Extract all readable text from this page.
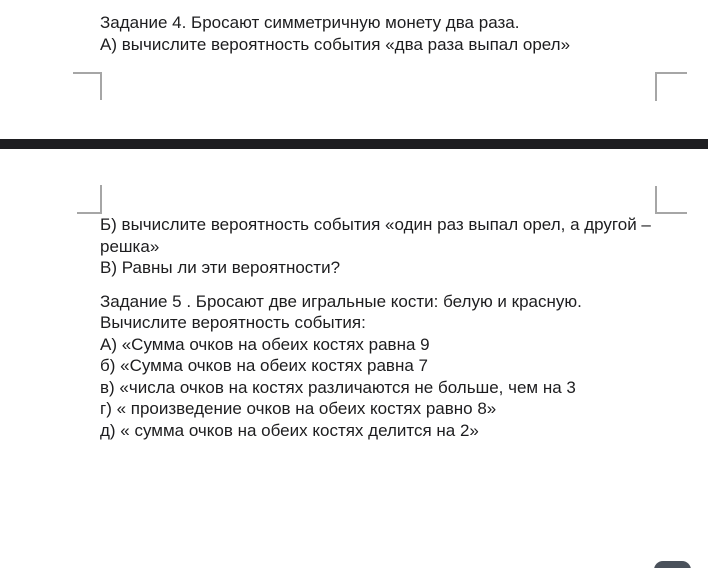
Задание 4. Бросают симметричную монету два раза.
А) вычислите вероятность события «два раза выпал орел»
Б) вычислите вероятность события «один раз выпал орел, а другой –
решка»
В) Равны ли эти вероятности?
Задание 5 . Бросают две игральные кости: белую и красную.
Вычислите вероятность события:
А) «Сумма очков на обеих костях равна 9
б) «Сумма очков на обеих костях равна 7
в) «числа очков на костях различаются не больше, чем на 3
г) « произведение очков на обеих костях равно 8»
д) « сумма очков на обеих костях делится на 2»
